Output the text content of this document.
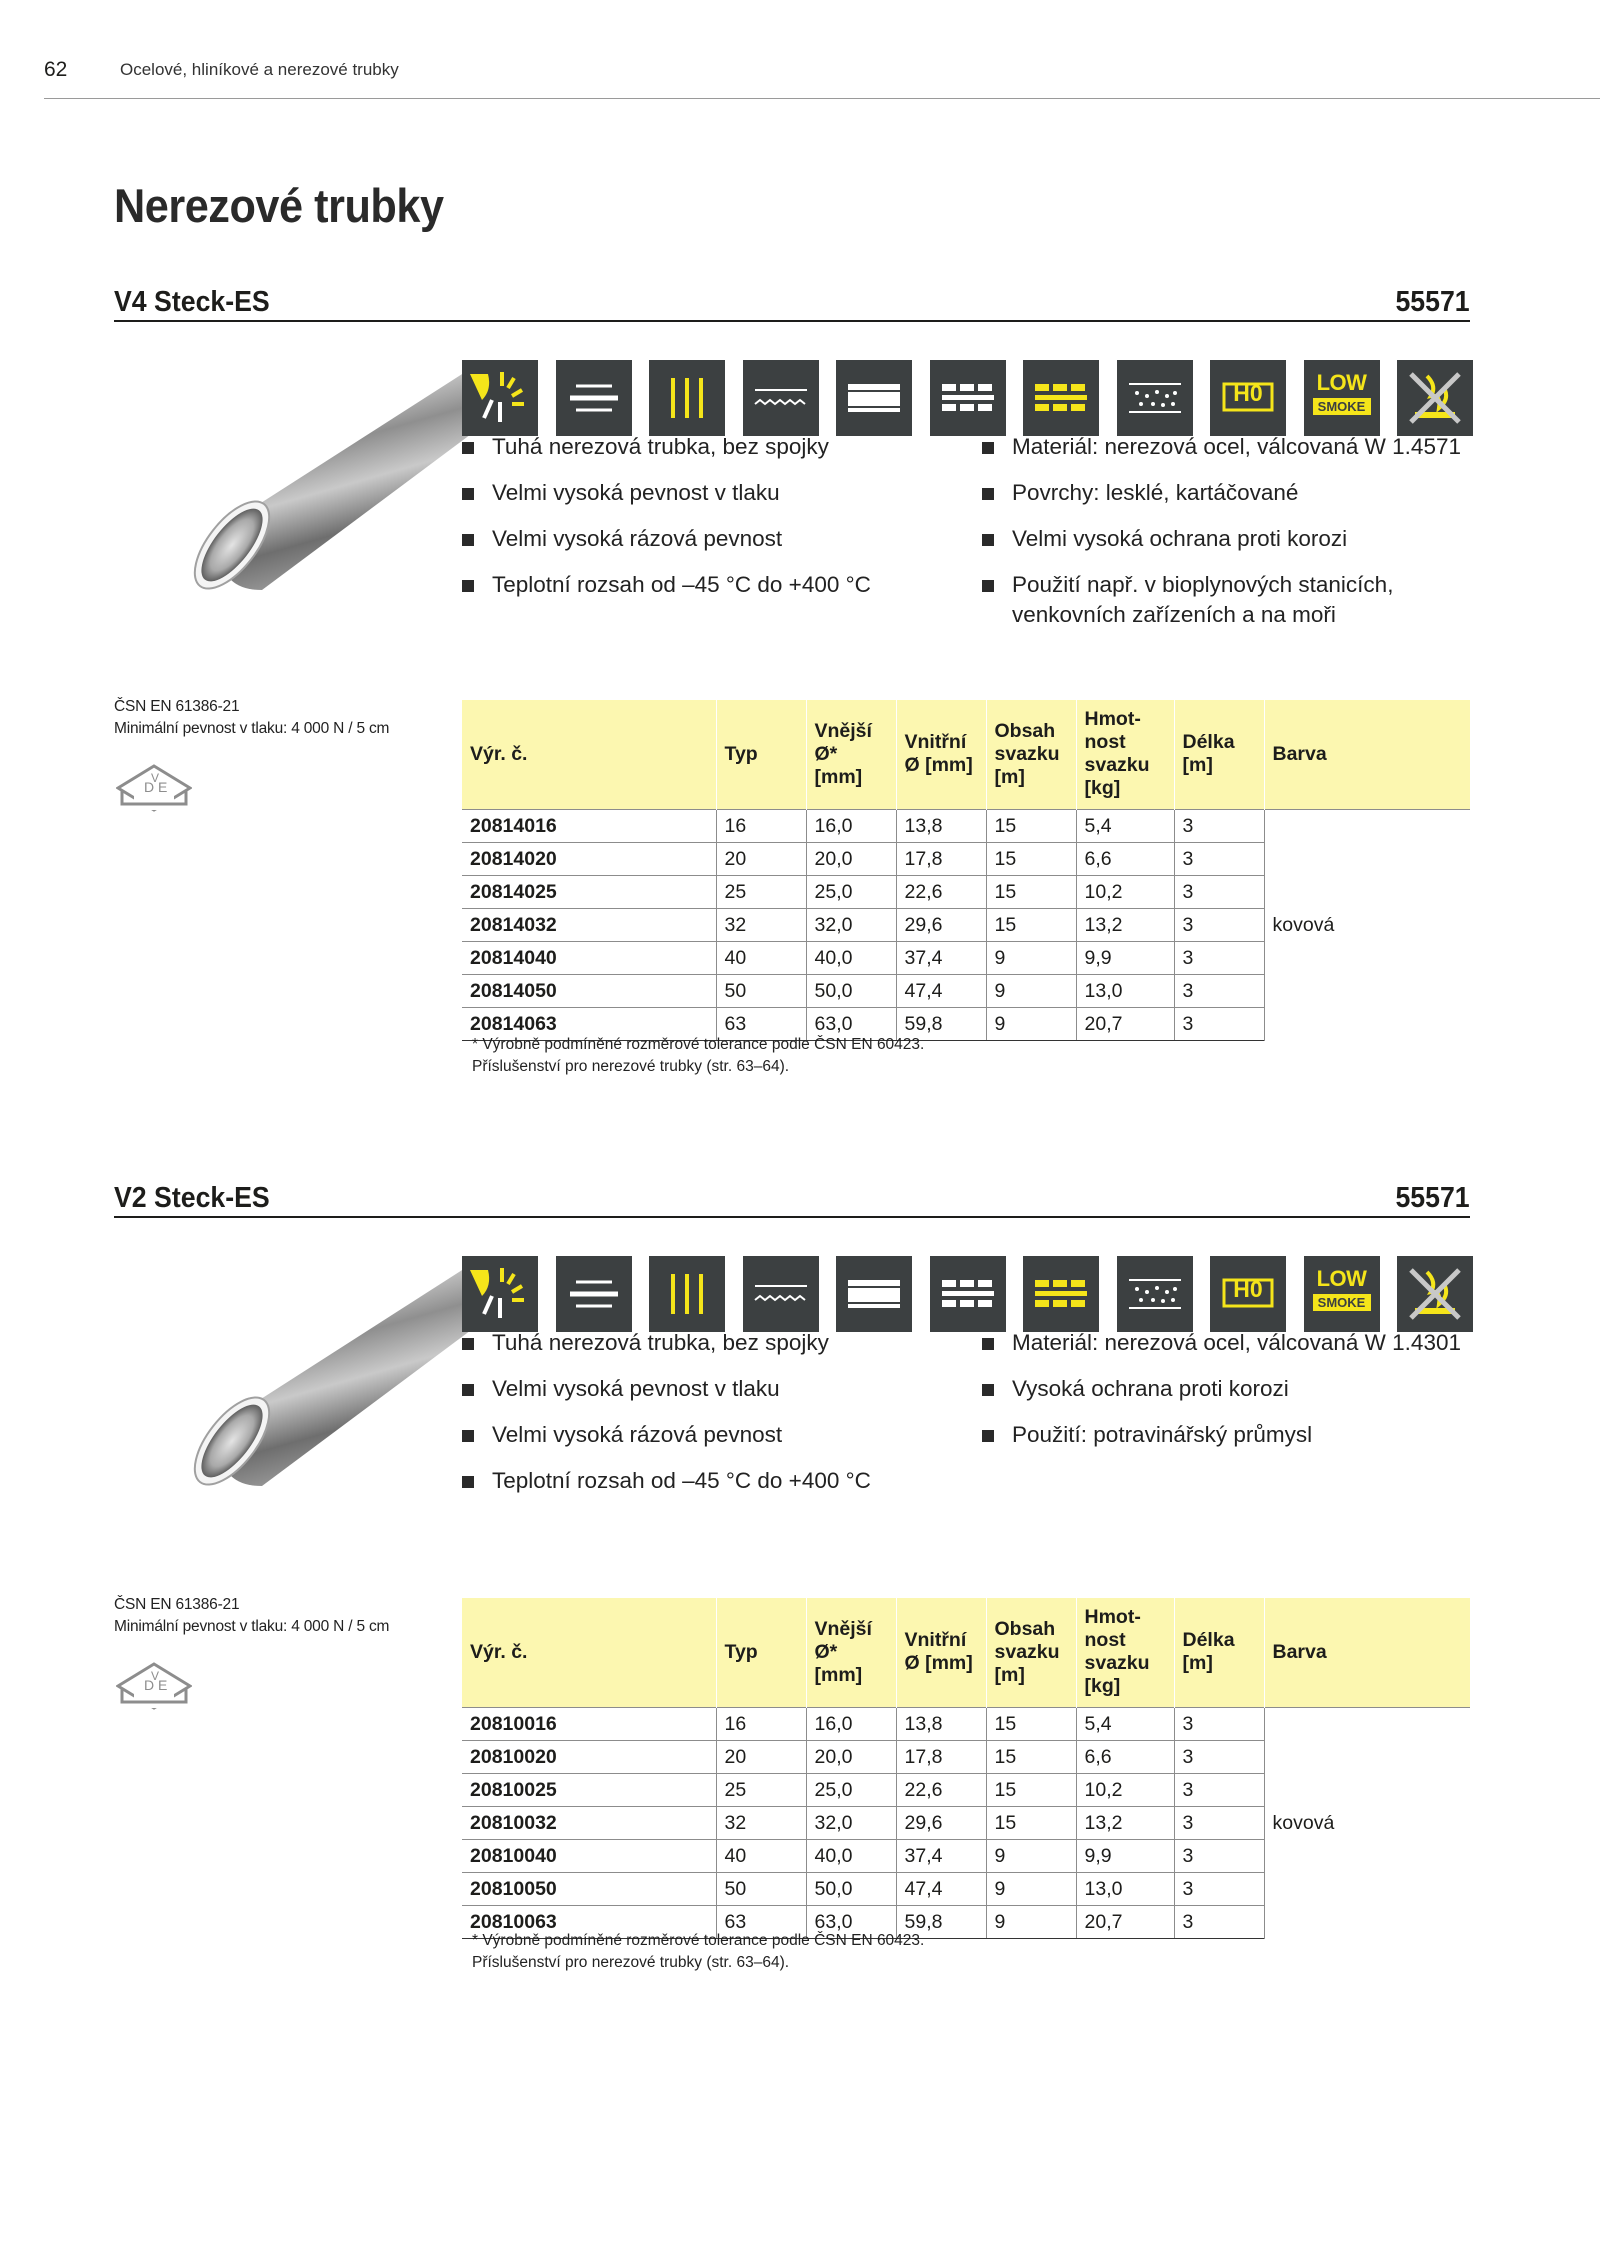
62	Ocelové, hliníkové a nerezové trubky
Nerezové trubky
V4 Steck-ES	55571
H0	LOW
SMOKE
Tuhá nerezová trubka, bez spojky
Velmi vysoká pevnost v tlaku
Velmi vysoká rázová pevnost
Teplotní rozsah od –45 °C do +400 °C
Materiál: nerezová ocel, válcovaná W 1.4571
Povrchy: lesklé, kartáčované
Velmi vysoká ochrana proti korozi
Použití např. v bioplynových stanicích, venkovních zařízeních a na moři
ČSN EN 61386-21
Minimální pevnost v tlaku: 4 000 N / 5 cm
D
V
E
Výr. č.	Typ	Vnější Ø* [mm]	Vnitřní Ø [mm]	Obsah svazku [m]	Hmot-
nost
svazku
[kg]	Délka [m]	Barva
20814016	16	16,0	13,8	15	5,4	3	kovová
20814020	20	20,0	17,8	15	6,6	3	
20814025	25	25,0	22,6	15	10,2	3	
20814032	32	32,0	29,6	15	13,2	3	
20814040	40	40,0	37,4	9	9,9	3	
20814050	50	50,0	47,4	9	13,0	3	
20814063	63	63,0	59,8	9	20,7	3	
* Výrobně podmíněné rozměrové tolerance podle ČSN EN 60423.
Příslušenství pro nerezové trubky (str. 63–64).
V2 Steck-ES	55571
H0	LOW
SMOKE
Tuhá nerezová trubka, bez spojky
Velmi vysoká pevnost v tlaku
Velmi vysoká rázová pevnost
Teplotní rozsah od –45 °C do +400 °C
Materiál: nerezová ocel, válcovaná W 1.4301
Vysoká ochrana proti korozi
Použití: potravinářský průmysl
ČSN EN 61386-21
Minimální pevnost v tlaku: 4 000 N / 5 cm
D
V
E
Výr. č.	Typ	Vnější Ø* [mm]	Vnitřní Ø [mm]	Obsah svazku [m]	Hmot-
nost
svazku
[kg]	Délka [m]	Barva
20810016	16	16,0	13,8	15	5,4	3	kovová
20810020	20	20,0	17,8	15	6,6	3	
20810025	25	25,0	22,6	15	10,2	3	
20810032	32	32,0	29,6	15	13,2	3	
20810040	40	40,0	37,4	9	9,9	3	
20810050	50	50,0	47,4	9	13,0	3	
20810063	63	63,0	59,8	9	20,7	3	
* Výrobně podmíněné rozměrové tolerance podle ČSN EN 60423.
Příslušenství pro nerezové trubky (str. 63–64).
